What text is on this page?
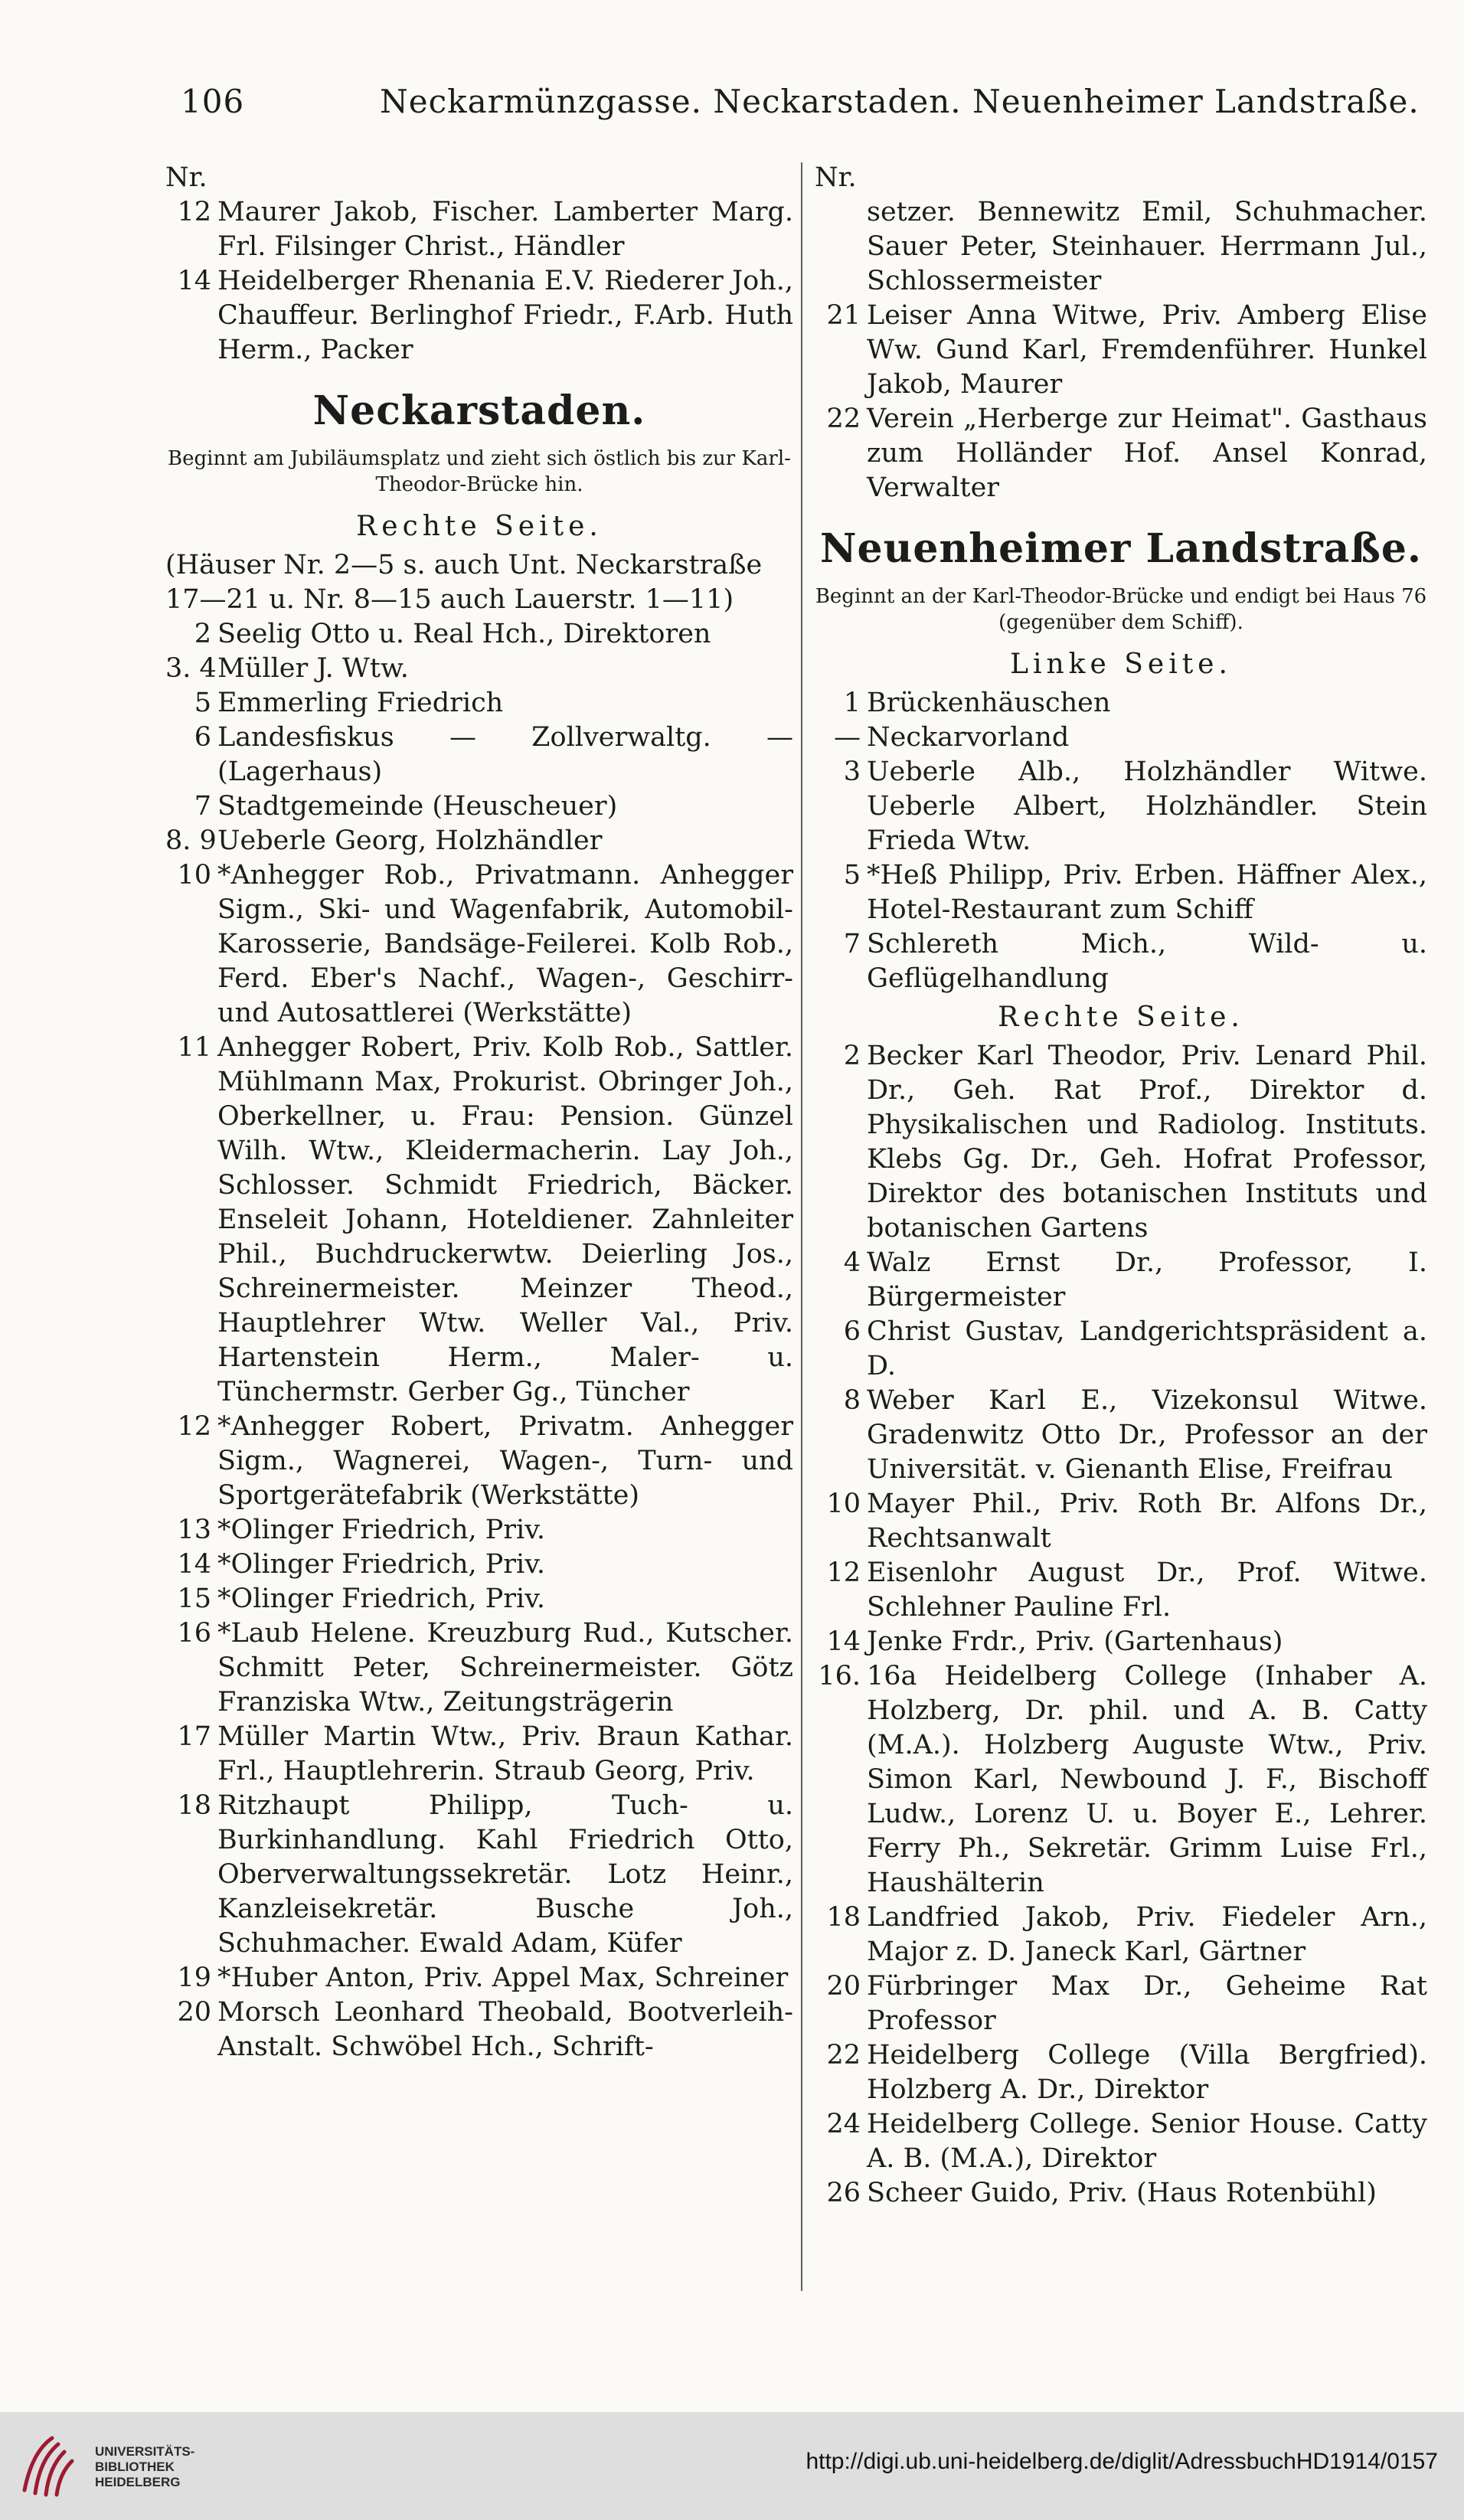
106	Neckarmünzgasse. Neckarstaden. Neuenheimer Landstraße.
Nr.
12 Maurer Jakob, Fischer. Lamberter Marg. Frl. Filsinger Christ., Händler
14 Heidelberger Rhenania E.V. Riederer Joh., Chauffeur. Berlinghof Friedr., F.Arb. Huth Herm., Packer
Neckarstaden.
Beginnt am Jubiläumsplatz und zieht sich östlich bis zur Karl-Theodor-Brücke hin.
Rechte Seite.
(Häuser Nr. 2—5 s. auch Unt. Neckarstraße
17—21 u. Nr. 8—15 auch Lauerstr. 1—11)
2 Seelig Otto u. Real Hch., Direktoren
3. 4 Müller J. Wtw.
5 Emmerling Friedrich
6 Landesfiskus — Zollverwaltg. — (Lagerhaus)
7 Stadtgemeinde (Heuscheuer)
8. 9 Ueberle Georg, Holzhändler
10 *Anhegger Rob., Privatmann. Anhegger Sigm., Ski- und Wagenfabrik, Automobil-Karosserie, Bandsäge-Feilerei. Kolb Rob., Ferd. Eber's Nachf., Wagen-, Geschirr- und Autosattlerei (Werkstätte)
11 Anhegger Robert, Priv. Kolb Rob., Sattler. Mühlmann Max, Prokurist. Obringer Joh., Oberkellner, u. Frau: Pension. Günzel Wilh. Wtw., Kleidermacherin. Lay Joh., Schlosser. Schmidt Friedrich, Bäcker. Enseleit Johann, Hoteldiener. Zahnleiter Phil., Buchdruckerwtw. Deierling Jos., Schreinermeister. Meinzer Theod., Hauptlehrer Wtw. Weller Val., Priv. Hartenstein Herm., Maler- u. Tünchermstr. Gerber Gg., Tüncher
12 *Anhegger Robert, Privatm. Anhegger Sigm., Wagnerei, Wagen-, Turn- und Sportgerätefabrik (Werkstätte)
13 *Olinger Friedrich, Priv.
14 *Olinger Friedrich, Priv.
15 *Olinger Friedrich, Priv.
16 *Laub Helene. Kreuzburg Rud., Kutscher. Schmitt Peter, Schreinermeister. Götz Franziska Wtw., Zeitungsträgerin
17 Müller Martin Wtw., Priv. Braun Kathar. Frl., Hauptlehrerin. Straub Georg, Priv.
18 Ritzhaupt Philipp, Tuch- u. Burkinhandlung. Kahl Friedrich Otto, Oberverwaltungssekretär. Lotz Heinr., Kanzleisekretär. Busche Joh., Schuhmacher. Ewald Adam, Küfer
19 *Huber Anton, Priv. Appel Max, Schreiner
20 Morsch Leonhard Theobald, Bootverleih-Anstalt. Schwöbel Hch., Schrift-
Nr.
setzer. Bennewitz Emil, Schuhmacher. Sauer Peter, Steinhauer. Herrmann Jul., Schlossermeister
21 Leiser Anna Witwe, Priv. Amberg Elise Ww. Gund Karl, Fremdenführer. Hunkel Jakob, Maurer
22 Verein „Herberge zur Heimat". Gasthaus zum Holländer Hof. Ansel Konrad, Verwalter
Neuenheimer Landstraße.
Beginnt an der Karl-Theodor-Brücke und endigt bei Haus 76 (gegenüber dem Schiff).
Linke Seite.
1 Brückenhäuschen
— Neckarvorland
3 Ueberle Alb., Holzhändler Witwe. Ueberle Albert, Holzhändler. Stein Frieda Wtw.
5 *Heß Philipp, Priv. Erben. Häffner Alex., Hotel-Restaurant zum Schiff
7 Schlereth Mich., Wild- u. Geflügelhandlung
Rechte Seite.
2 Becker Karl Theodor, Priv. Lenard Phil. Dr., Geh. Rat Prof., Direktor d. Physikalischen und Radiolog. Instituts. Klebs Gg. Dr., Geh. Hofrat Professor, Direktor des botanischen Instituts und botanischen Gartens
4 Walz Ernst Dr., Professor, I. Bürgermeister
6 Christ Gustav, Landgerichtspräsident a. D.
8 Weber Karl E., Vizekonsul Witwe. Gradenwitz Otto Dr., Professor an der Universität. v. Gienanth Elise, Freifrau
10 Mayer Phil., Priv. Roth Br. Alfons Dr., Rechtsanwalt
12 Eisenlohr August Dr., Prof. Witwe. Schlehner Pauline Frl.
14 Jenke Frdr., Priv. (Gartenhaus)
16. 16a Heidelberg College (Inhaber A. Holzberg, Dr. phil. und A. B. Catty (M.A.). Holzberg Auguste Wtw., Priv. Simon Karl, Newbound J. F., Bischoff Ludw., Lorenz U. u. Boyer E., Lehrer. Ferry Ph., Sekretär. Grimm Luise Frl., Haushälterin
18 Landfried Jakob, Priv. Fiedeler Arn., Major z. D. Janeck Karl, Gärtner
20 Fürbringer Max Dr., Geheime Rat Professor
22 Heidelberg College (Villa Bergfried). Holzberg A. Dr., Direktor
24 Heidelberg College. Senior House. Catty A. B. (M.A.), Direktor
26 Scheer Guido, Priv. (Haus Rotenbühl)
UNIVERSITÄTS-
BIBLIOTHEK
HEIDELBERG
http://digi.ub.uni-heidelberg.de/diglit/AdressbuchHD1914/0157
